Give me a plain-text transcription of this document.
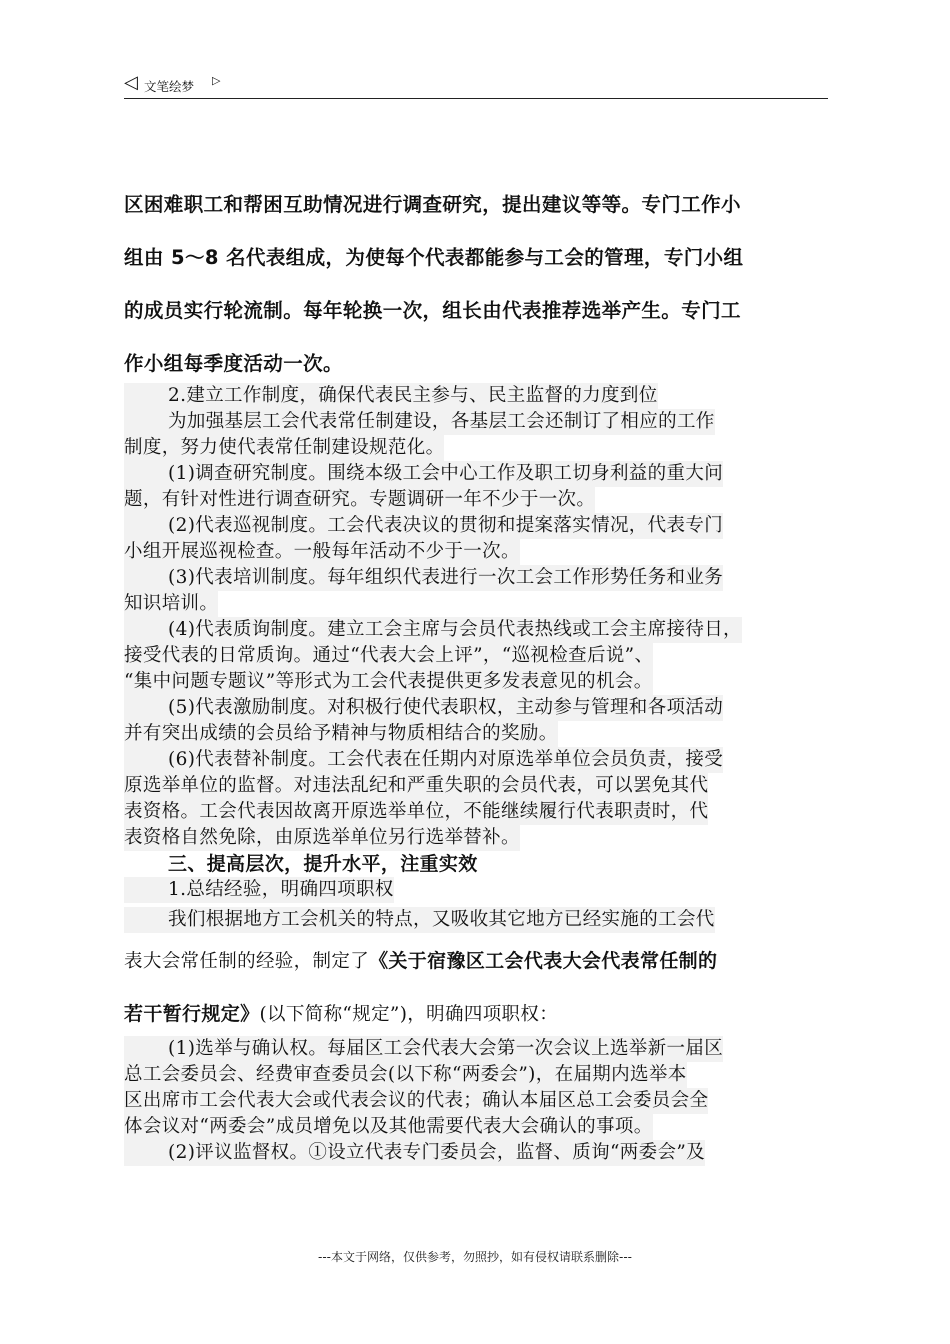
◁ 文笔绘梦 ▷
区困难职工和帮困互助情况进行调查研究，提出建议等等。专门工作小
组由 5～8 名代表组成，为使每个代表都能参与工会的管理，专门小组
的成员实行轮流制。每年轮换一次，组长由代表推荐选举产生。专门工
作小组每季度活动一次。
2.建立工作制度，确保代表民主参与、民主监督的力度到位
为加强基层工会代表常任制建设，各基层工会还制订了相应的工作
制度，努力使代表常任制建设规范化。
(1)调查研究制度。围绕本级工会中心工作及职工切身利益的重大问
题，有针对性进行调查研究。专题调研一年不少于一次。
(2)代表巡视制度。工会代表决议的贯彻和提案落实情况，代表专门
小组开展巡视检查。一般每年活动不少于一次。
(3)代表培训制度。每年组织代表进行一次工会工作形势任务和业务
知识培训。
(4)代表质询制度。建立工会主席与会员代表热线或工会主席接待日，
接受代表的日常质询。通过“代表大会上评”，“巡视检查后说”、
“集中问题专题议”等形式为工会代表提供更多发表意见的机会。
(5)代表激励制度。对积极行使代表职权，主动参与管理和各项活动
并有突出成绩的会员给予精神与物质相结合的奖励。
(6)代表替补制度。工会代表在任期内对原选举单位会员负责，接受
原选举单位的监督。对违法乱纪和严重失职的会员代表，可以罢免其代
表资格。工会代表因故离开原选举单位，不能继续履行代表职责时，代
表资格自然免除，由原选举单位另行选举替补。
三、提高层次，提升水平，注重实效
1.总结经验，明确四项职权
我们根据地方工会机关的特点，又吸收其它地方已经实施的工会代
表大会常任制的经验，制定了《关于宿豫区工会代表大会代表常任制的
若干暂行规定》(以下简称“规定”)，明确四项职权：
(1)选举与确认权。每届区工会代表大会第一次会议上选举新一届区
总工会委员会、经费审查委员会(以下称“两委会”)，在届期内选举本
区出席市工会代表大会或代表会议的代表；确认本届区总工会委员会全
体会议对“两委会”成员增免以及其他需要代表大会确认的事项。
(2)评议监督权。①设立代表专门委员会，监督、质询“两委会”及
---本文于网络，仅供参考，勿照抄，如有侵权请联系删除---
